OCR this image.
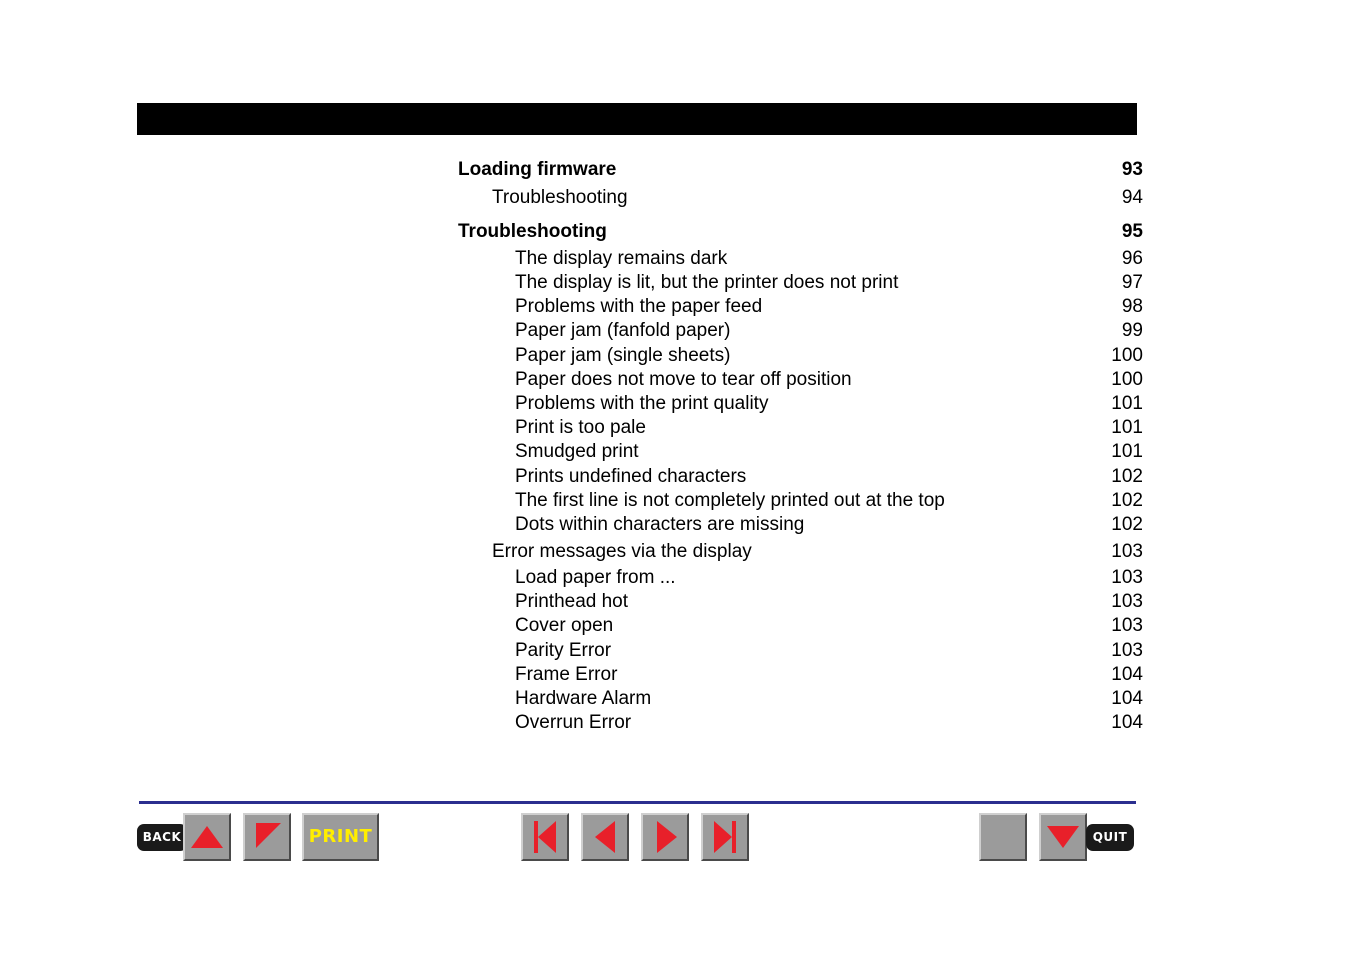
Loading firmware	93
Troubleshooting	94
Troubleshooting	95
The display remains dark	96
The display is lit, but the printer does not print	97
Problems with the paper feed	98
Paper jam (fanfold paper)	99
Paper jam (single sheets)	100
Paper does not move to tear off position	100
Problems with the print quality	101
Print is too pale	101
Smudged print	101
Prints undefined characters	102
The first line is not completely printed out at the top	102
Dots within characters are missing	102
Error messages via the display	103
Load paper from ...	103
Printhead hot	103
Cover open	103
Parity Error	103
Frame Error	104
Hardware Alarm	104
Overrun Error	104
BACK	PRINT	QUIT
